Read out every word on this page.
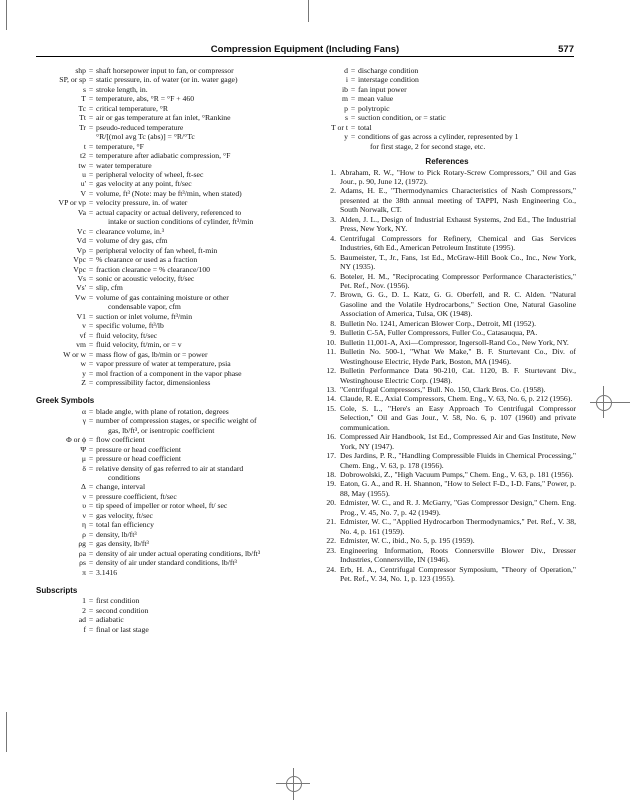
Compression Equipment (Including Fans)	577
shp = shaft horsepower input to fan, or compressor
SP, or sp = static pressure, in. of water (or in. water gage)
s = stroke length, in.
T = temperature, abs, °R = °F + 460
Tc = critical temperature, °R
Tt = air or gas temperature at fan inlet, °Rankine
Tr = pseudo-reduced temperature
°R/[(mol avg Tc (abs)] = °R/°Tc
t = temperature, °F
t2 = temperature after adiabatic compression, °F
tw = water temperature
u = peripheral velocity of wheel, ft-sec
u' = gas velocity at any point, ft/sec
V = volume, ft³ (Note: may be ft³/min, when stated)
VP or vp = velocity pressure, in. of water
Va = actual capacity or actual delivery, referenced to
intake or suction conditions of cylinder, ft³/min
Vc = clearance volume, in.³
Vd = volume of dry gas, cfm
Vp = peripheral velocity of fan wheel, ft-min
Vpc = % clearance or used as a fraction
Vpc = fraction clearance = % clearance/100
Vs = sonic or acoustic velocity, ft/sec
Vs' = slip, cfm
Vw = volume of gas containing moisture or other
condensable vapor, cfm
V1 = suction or inlet volume, ft³/min
v = specific volume, ft³/lb
vf = fluid velocity, ft/sec
vm = fluid velocity, ft/min, or = v
W or w = mass flow of gas, lb/min or = power
w = vapor pressure of water at temperature, psia
y = mol fraction of a component in the vapor phase
Z = compressibility factor, dimensionless
Greek Symbols
α = blade angle, with plane of rotation, degrees
γ = number of compression stages, or specific weight of
gas, lb/ft³, or isentropic coefficient
Φ or ϕ = flow coefficient
Ψ = pressure or head coefficient
μ = pressure or head coefficient
δ = relative density of gas referred to air at standard
conditions
Δ = change, interval
ν = pressure coefficient, ft/sec
υ = tip speed of impeller or rotor wheel, ft/ sec
ν = gas velocity, ft/sec
η = total fan efficiency
ρ = density, lb/ft³
ρg = gas density, lb/ft³
ρa = density of air under actual operating conditions, lb/ft³
ρs = density of air under standard conditions, lb/ft³
π = 3.1416
Subscripts
1 = first condition
2 = second condition
ad = adiabatic
f = final or last stage
d = discharge condition
i = interstage condition
ib = fan input power
m = mean value
p = polytropic
s = suction condition, or = static
T or t = total
y = conditions of gas across a cylinder, represented by 1
for first stage, 2 for second stage, etc.
References
1. Abraham, R. W., "How to Pick Rotary-Screw Compressors," Oil and Gas Jour., p. 90, June 12, (1972).
2. Adams, H. E., "Thermodynamics Characteristics of Nash Compressors," presented at the 38th annual meeting of TAPPI, Nash Engineering Co., South Norwalk, CT.
3. Alden, J. L., Design of Industrial Exhaust Systems, 2nd Ed., The Industrial Press, New York, NY.
4. Centrifugal Compressors for Refinery, Chemical and Gas Services Industries, 6th Ed., American Petroleum Institute (1995).
5. Baumeister, T., Jr., Fans, 1st Ed., McGraw-Hill Book Co., Inc., New York, NY (1935).
6. Boteler, H. M., "Reciprocating Compressor Performance Characteristics," Pet. Ref., Nov. (1956).
7. Brown, G. G., D. L. Katz, G. G. Oberfell, and R. C. Alden. "Natural Gasoline and the Volatile Hydrocarbons," Section One, Natural Gasoline Association of America, Tulsa, OK (1948).
8. Bulletin No. 1241, American Blower Corp., Detroit, MI (1952).
9. Bulletin C-5A, Fuller Compressors, Fuller Co., Catasauqua, PA.
10. Bulletin 11,001-A, Axi—Compressor, Ingersoll-Rand Co., New York, NY.
11. Bulletin No. 500-1, "What We Make," B. F. Sturtevant Co., Div. of Westinghouse Electric, Hyde Park, Boston, MA (1946).
12. Bulletin Performance Data 90-210, Cat. 1120, B. F. Sturtevant Div., Westinghouse Electric Corp. (1948).
13. "Centrifugal Compressors," Bull. No. 150, Clark Bros. Co. (1958).
14. Claude, R. E., Axial Compressors, Chem. Eng., V. 63, No. 6, p. 212 (1956).
15. Cole, S. L., "Here's an Easy Approach To Centrifugal Compressor Selection," Oil and Gas Jour., V. 58, No. 6, p. 107 (1960) and private communication.
16. Compressed Air Handbook, 1st Ed., Compressed Air and Gas Institute, New York, NY (1947).
17. Des Jardins, P. R., "Handling Compressible Fluids in Chemical Processing," Chem. Eng., V. 63, p. 178 (1956).
18. Dobrowolski, Z., "High Vacuum Pumps," Chem. Eng., V. 63, p. 181 (1956).
19. Eaton, G. A., and R. H. Shannon, "How to Select F-D., I-D. Fans," Power, p. 88, May (1955).
20. Edmister, W. C., and R. J. McGarry, "Gas Compressor Design," Chem. Eng. Prog., V. 45, No. 7, p. 42 (1949).
21. Edmister, W. C., "Applied Hydrocarbon Thermodynamics," Pet. Ref., V. 38, No. 4, p. 161 (1959).
22. Edmister, W. C., ibid., No. 5, p. 195 (1959).
23. Engineering Information, Roots Connersville Blower Div., Dresser Industries, Connersville, IN (1946).
24. Erb, H. A., Centrifugal Compressor Symposium, "Theory of Operation," Pet. Ref., V. 34, No. 1, p. 123 (1955).
